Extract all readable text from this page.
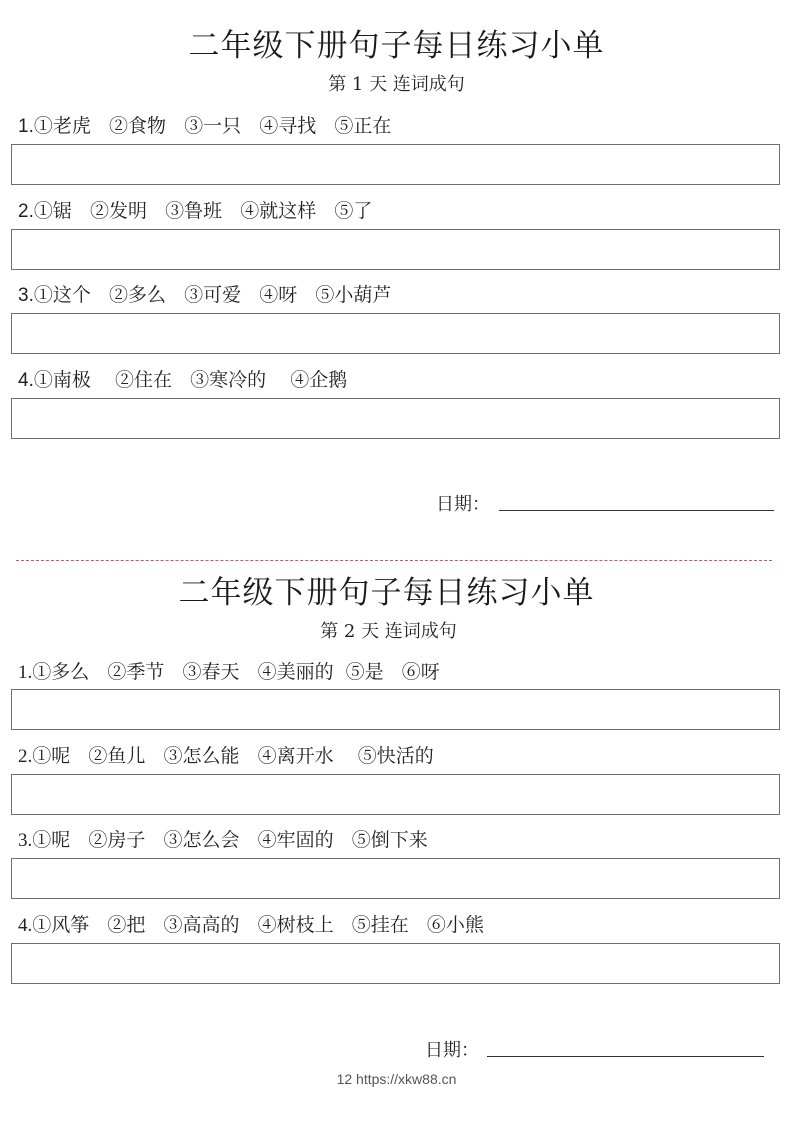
二年级下册句子每日练习小单
第 1 天 连词成句
1.①老虎   ②食物   ③一只   ④寻找   ⑤正在
2.①锯   ②发明   ③鲁班   ④就这样   ⑤了
3.①这个   ②多么   ③可爱   ④呀   ⑤小葫芦
4.①南极    ②住在   ③寒冷的    ④企鹅
日期：
二年级下册句子每日练习小单
第 2 天 连词成句
1.①多么   ②季节   ③春天   ④美丽的  ⑤是   ⑥呀
2.①呢   ②鱼儿   ③怎么能   ④离开水    ⑤快活的
3.①呢   ②房子   ③怎么会   ④牢固的   ⑤倒下来
4.①风筝   ②把   ③高高的   ④树枝上   ⑤挂在   ⑥小熊
日期：
12 https://xkw88.cn
